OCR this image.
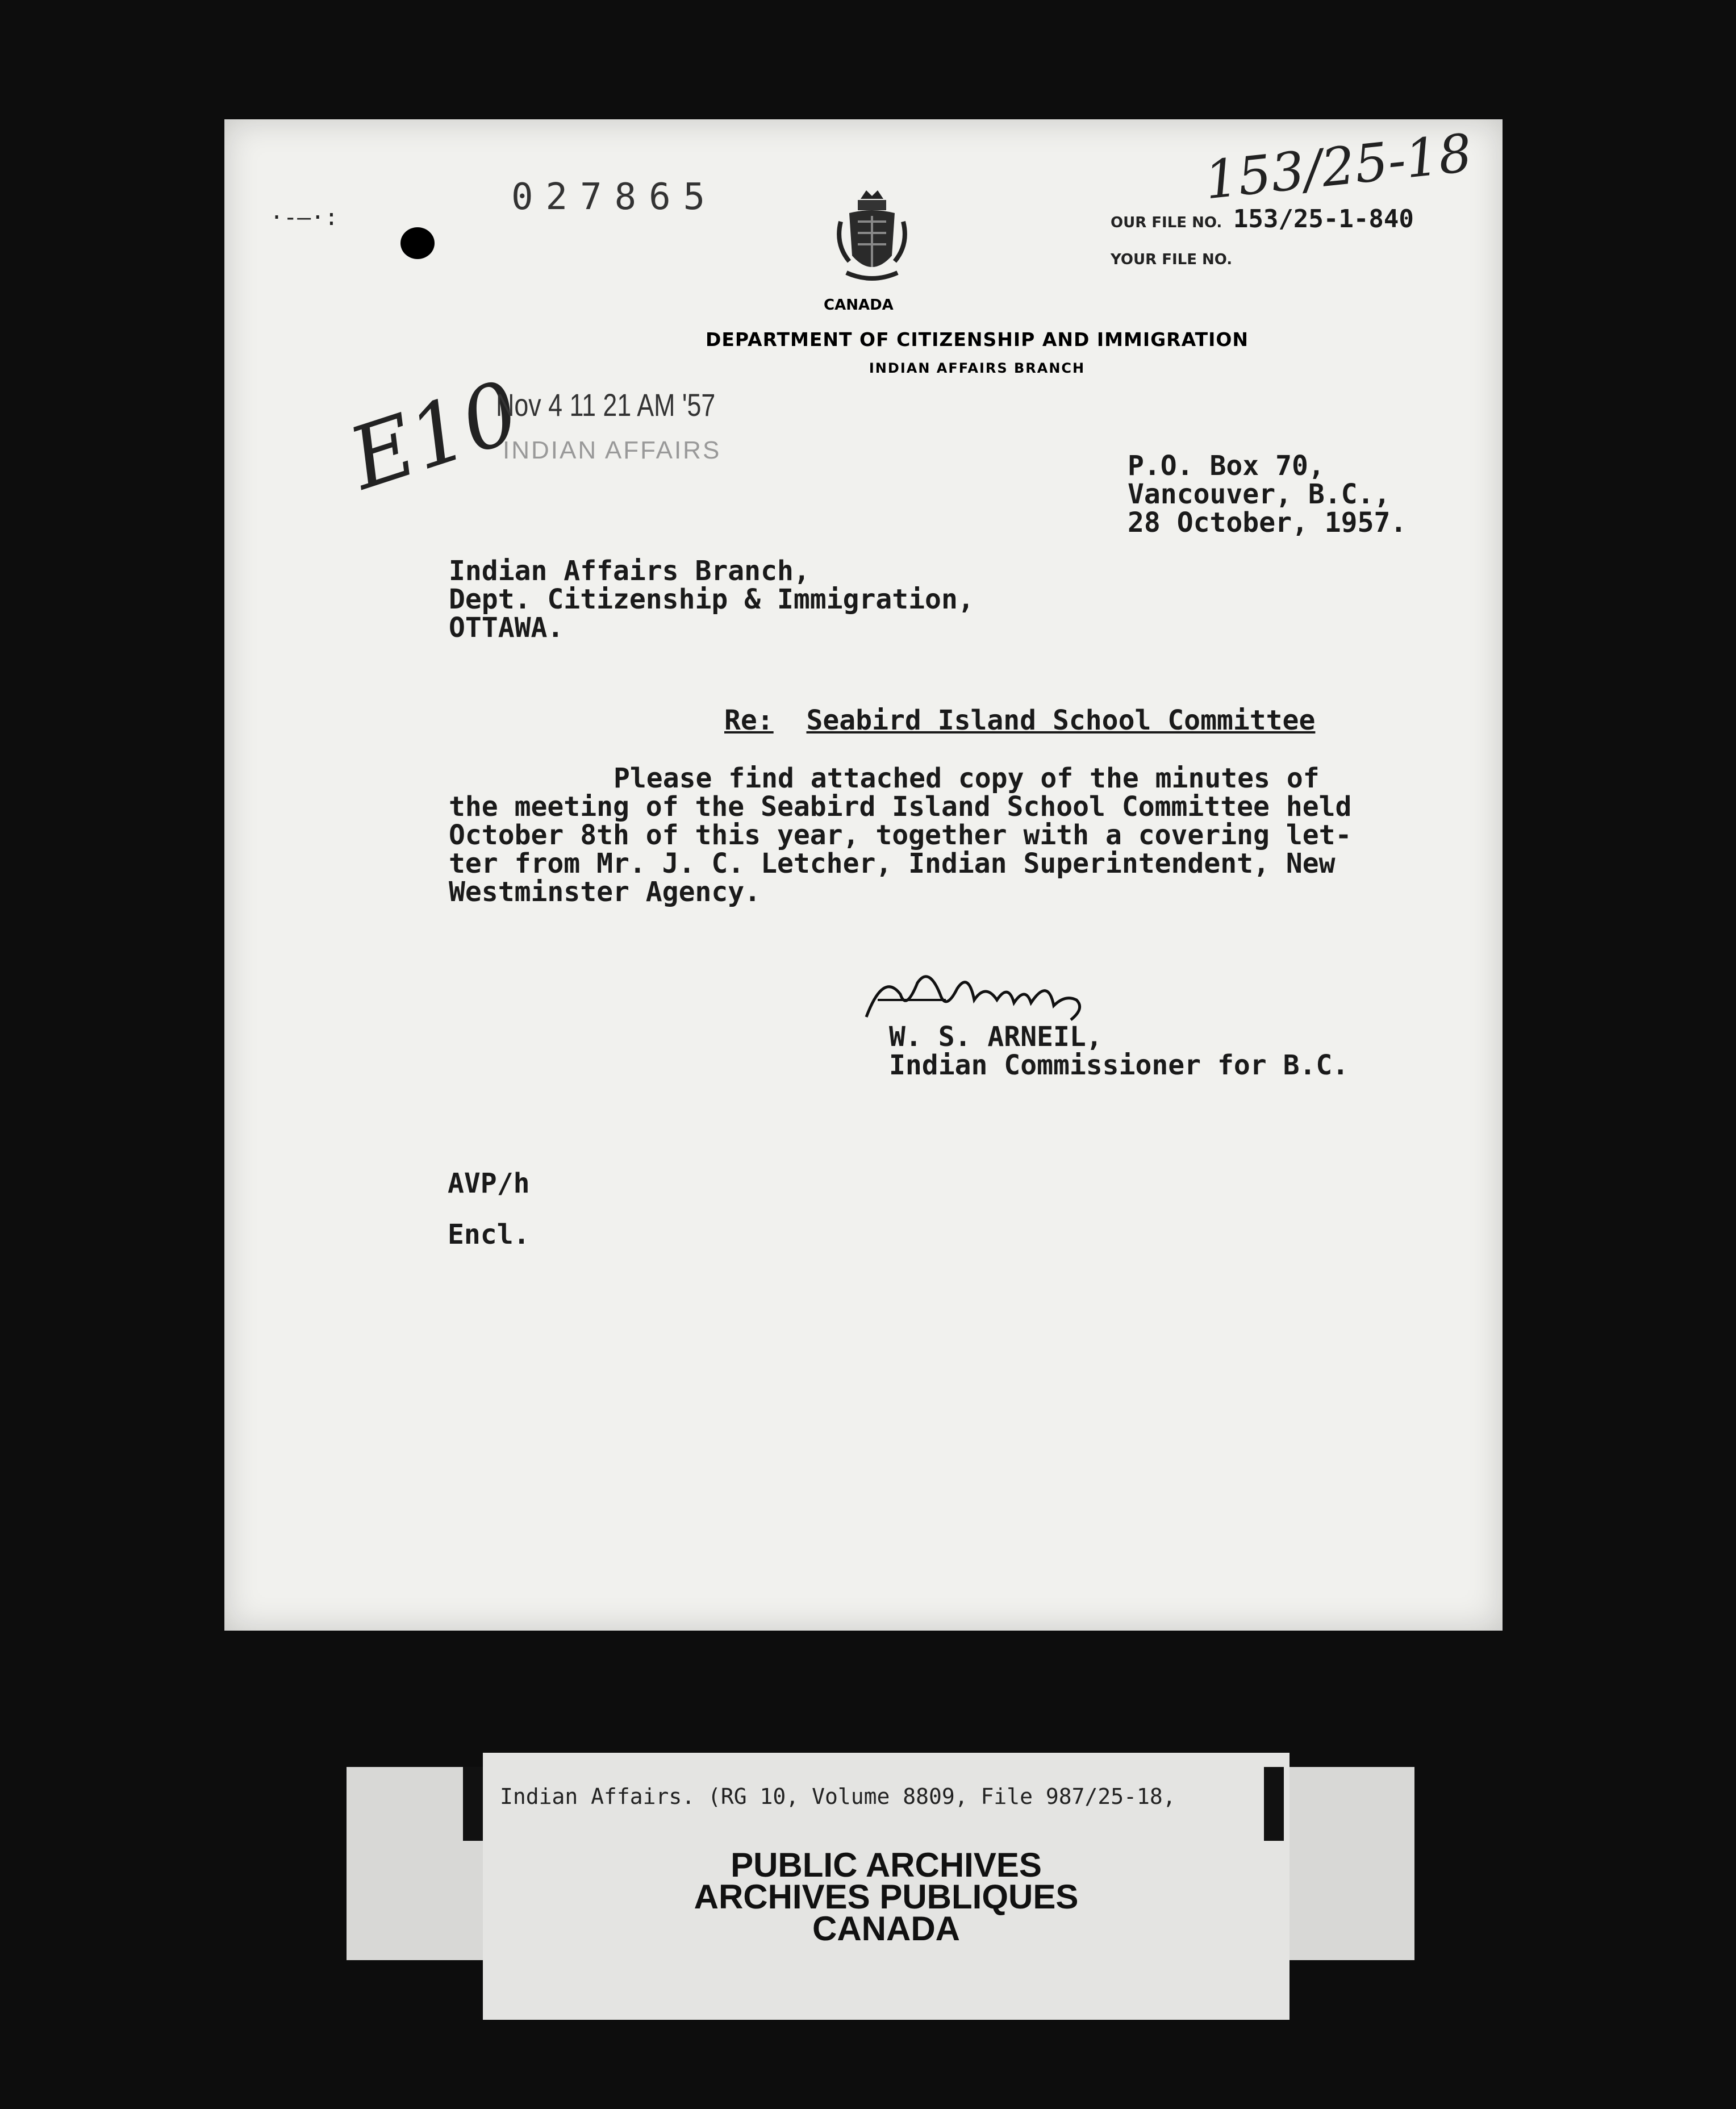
·-—·:	027865	153/25-18
CANADA
OUR FILE NO. 153/25-1-840
YOUR FILE NO.
DEPARTMENT OF CITIZENSHIP AND IMMIGRATION
INDIAN AFFAIRS BRANCH
E10
Nov 4 11 21 AM '57
INDIAN AFFAIRS	P.O. Box 70,
Vancouver, B.C.,
28 October, 1957.
Indian Affairs Branch,
Dept. Citizenship & Immigration,
OTTAWA.
Re: Seabird Island School Committee
Please find attached copy of the minutes of
the meeting of the Seabird Island School Committee held
October 8th of this year, together with a covering let-
ter from Mr. J. C. Letcher, Indian Superintendent, New
Westminster Agency.
W. S. ARNEIL,
Indian Commissioner for B.C.
AVP/h
Encl.
Indian Affairs. (RG 10, Volume 8809, File 987/25-18,
PUBLIC ARCHIVES
ARCHIVES PUBLIQUES
CANADA
